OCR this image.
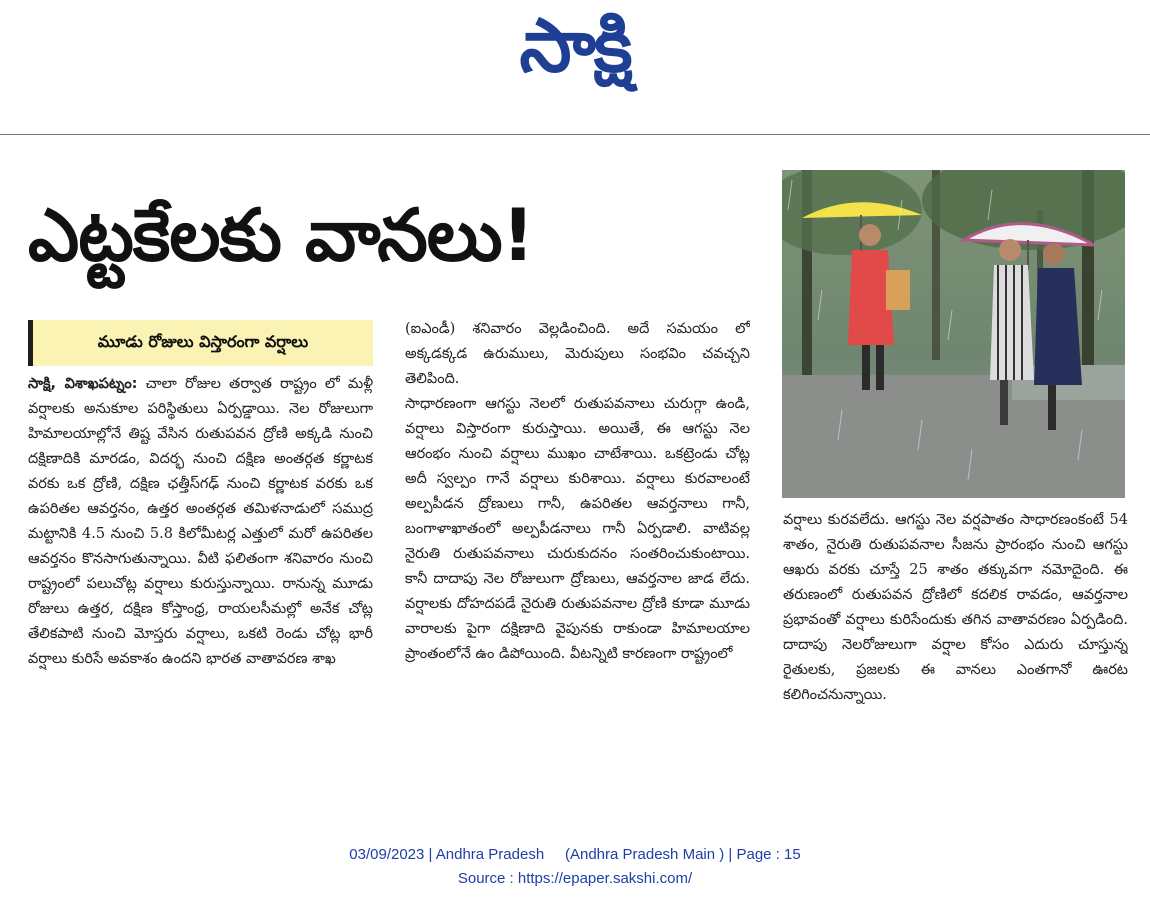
సాక్షి
ఎట్టకేలకు వానలు!
మూడు రోజులు విస్తారంగా వర్షాలు

సాక్షి, విశాఖపట్నం: చాలా రోజుల తర్వాత రాష్ట్రం లో మళ్లీ వర్షాలకు అనుకూల పరిస్థితులు ఏర్పడ్డాయి. నెల రోజులుగా హిమాలయాల్లోనే తిష్ట వేసిన రుతుపవన ద్రోణి అక్కడి నుంచి దక్షిణాదికి మారడం, విదర్భ నుంచి దక్షిణ అంతర్గత కర్ణాటక వరకు ఒక ద్రోణి, దక్షిణ ఛత్తీస్‌గఢ్ నుంచి కర్ణాటక వరకు ఒక ఉపరితల ఆవర్తనం, ఉత్తర అంతర్గత తమిళనాడులో సముద్ర మట్టానికి 4.5 నుంచి 5.8 కిలోమీటర్ల ఎత్తులో మరో ఉపరితల ఆవర్తనం కొనసాగుతున్నాయి. వీటి ఫలితంగా శనివారం నుంచి రాష్ట్రంలో పలుచోట్ల వర్షాలు కురుస్తున్నాయి. రానున్న మూడు రోజులు ఉత్తర, దక్షిణ కోస్తాంధ్ర, రాయలసీమల్లో అనేక చోట్ల తేలికపాటి నుంచి మోస్తరు వర్షాలు, ఒకటి రెండు చోట్ల భారీ వర్షాలు కురిసే అవకాశం ఉందని భారత వాతావరణ శాఖ

(ఐఎండీ) శనివారం వెల్లడించింది. అదే సమయం లో అక్కడక్కడ ఉరుములు, మెరుపులు సంభవిం చవచ్చని తెలిపింది.

సాధారణంగా ఆగస్టు నెలలో రుతుపవనాలు చురుగ్గా ఉండి, వర్షాలు విస్తారంగా కురుస్తాయి. అయితే, ఈ ఆగస్టు నెల ఆరంభం నుంచి వర్షాలు ముఖం చాటేశాయి. ఒకట్రెండు చోట్ల అదీ స్వల్పం గానే వర్షాలు కురిశాయి. వర్షాలు కురవాలంటే అల్పపీడన ద్రోణులు గానీ, ఉపరితల ఆవర్తనాలు గానీ, బంగాళాఖాతంలో అల్పపీడనాలు గానీ ఏర్పడాలి. వాటివల్ల నైరుతి రుతుపవనాలు చురుకుదనం సంతరించుకుంటాయి. కానీ దాదాపు నెల రోజులుగా ద్రోణులు, ఆవర్తనాల జాడ లేదు. వర్షాలకు దోహదపడే నైరుతి రుతుపవనాల ద్రోణి కూడా మూడు వారాలకు పైగా దక్షిణాది వైపునకు రాకుండా హిమాలయాల ప్రాంతంలోనే ఉం డిపోయింది. వీటన్నిటి కారణంగా రాష్ట్రంలో

వర్షాలు కురవలేదు. ఆగస్టు నెల వర్షపాతం సాధారణంకంటే 54 శాతం, నైరుతి రుతుపవనాల సీజను ప్రారంభం నుంచి ఆగస్టు ఆఖరు వరకు చూస్తే 25 శాతం తక్కువగా నమోదైంది. ఈ తరుణంలో రుతుపవన ద్రోణిలో కదలిక రావడం, ఆవర్తనాల ప్రభావంతో వర్షాలు కురిసేందుకు తగిన వాతావరణం ఏర్పడింది. దాదాపు నెలరోజులుగా వర్షాల కోసం ఎదురు చూస్తున్న రైతులకు, ప్రజలకు ఈ వానలు ఎంతగానో ఊరట కలిగించనున్నాయి.

03/09/2023 | Andhra Pradesh     (Andhra Pradesh Main ) | Page : 15
Source : https://epaper.sakshi.com/
